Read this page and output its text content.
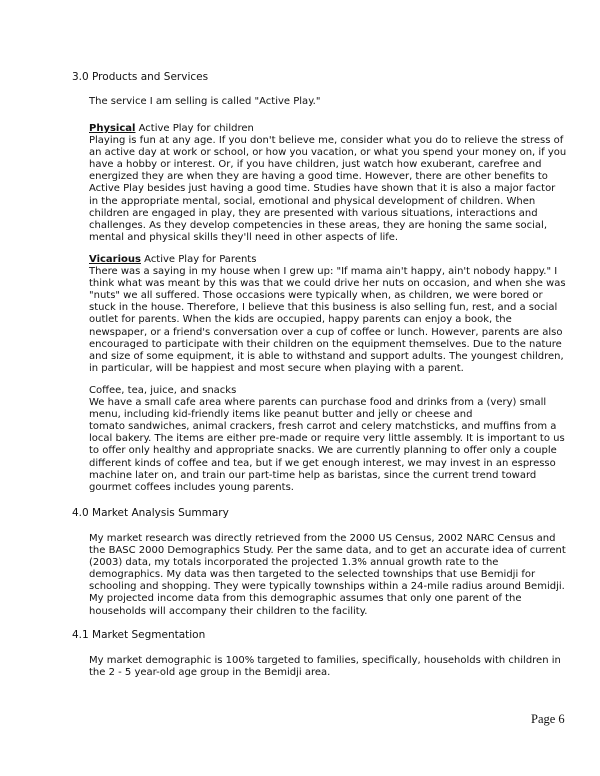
3.0 Products and Services
The service I am selling is called "Active Play."
Physical Active Play for children
Playing is fun at any age. If you don't believe me, consider what you do to relieve the stress of
an active day at work or school, or how you vacation, or what you spend your money on, if you
have a hobby or interest. Or, if you have children, just watch how exuberant, carefree and
energized they are when they are having a good time. However, there are other benefits to
Active Play besides just having a good time. Studies have shown that it is also a major factor
in the appropriate mental, social, emotional and physical development of children. When
children are engaged in play, they are presented with various situations, interactions and
challenges. As they develop competencies in these areas, they are honing the same social,
mental and physical skills they'll need in other aspects of life.
Vicarious Active Play for Parents
There was a saying in my house when I grew up: "If mama ain't happy, ain't nobody happy." I
think what was meant by this was that we could drive her nuts on occasion, and when she was
"nuts" we all suffered. Those occasions were typically when, as children, we were bored or
stuck in the house. Therefore, I believe that this business is also selling fun, rest, and a social
outlet for parents. When the kids are occupied, happy parents can enjoy a book, the
newspaper, or a friend's conversation over a cup of coffee or lunch. However, parents are also
encouraged to participate with their children on the equipment themselves. Due to the nature
and size of some equipment, it is able to withstand and support adults. The youngest children,
in particular, will be happiest and most secure when playing with a parent.
Coffee, tea, juice, and snacks
We have a small cafe area where parents can purchase food and drinks from a (very) small
menu, including kid-friendly items like peanut butter and jelly or cheese and
tomato sandwiches, animal crackers, fresh carrot and celery matchsticks, and muffins from a
local bakery. The items are either pre-made or require very little assembly. It is important to us
to offer only healthy and appropriate snacks. We are currently planning to offer only a couple
different kinds of coffee and tea, but if we get enough interest, we may invest in an espresso
machine later on, and train our part-time help as baristas, since the current trend toward
gourmet coffees includes young parents.
4.0 Market Analysis Summary
My market research was directly retrieved from the 2000 US Census, 2002 NARC Census and
the BASC 2000 Demographics Study. Per the same data, and to get an accurate idea of current
(2003) data, my totals incorporated the projected 1.3% annual growth rate to the
demographics. My data was then targeted to the selected townships that use Bemidji for
schooling and shopping. They were typically townships within a 24-mile radius around Bemidji.
My projected income data from this demographic assumes that only one parent of the
households will accompany their children to the facility.
4.1 Market Segmentation
My market demographic is 100% targeted to families, specifically, households with children in
the 2 - 5 year-old age group in the Bemidji area.
Page 6
